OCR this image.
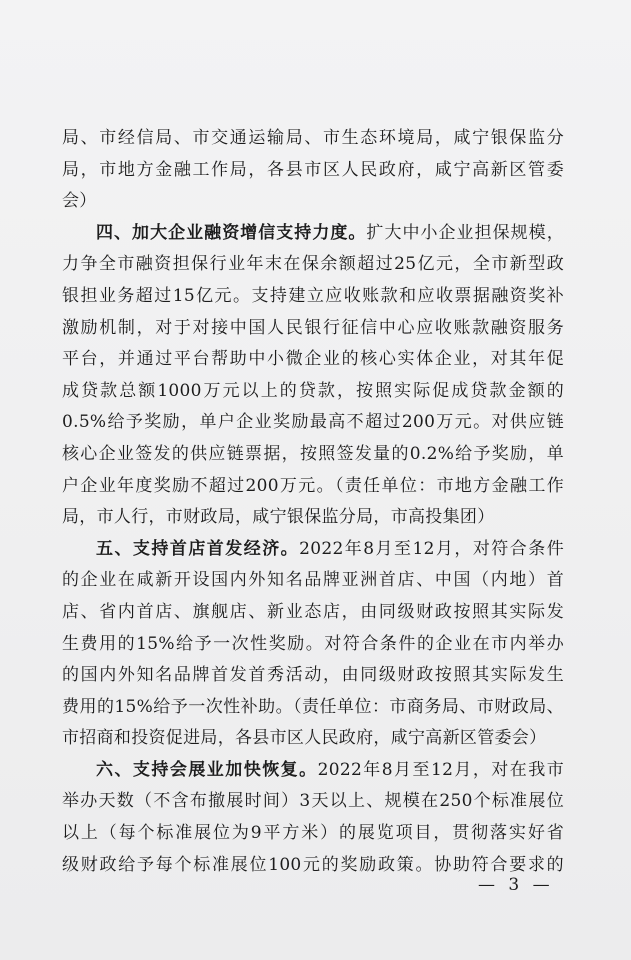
局、市经信局、市交通运输局、市生态环境局，咸宁银保监分
局，市地方金融工作局，各县市区人民政府，咸宁高新区管委
会）
四、加大企业融资增信支持力度。扩大中小企业担保规模，
力争全市融资担保行业年末在保余额超过25亿元，全市新型政
银担业务超过15亿元。支持建立应收账款和应收票据融资奖补
激励机制，对于对接中国人民银行征信中心应收账款融资服务
平台，并通过平台帮助中小微企业的核心实体企业，对其年促
成贷款总额1000万元以上的贷款，按照实际促成贷款金额的
0.5%给予奖励，单户企业奖励最高不超过200万元。对供应链
核心企业签发的供应链票据，按照签发量的0.2%给予奖励，单
户企业年度奖励不超过200万元。（责任单位：市地方金融工作
局，市人行，市财政局，咸宁银保监分局，市高投集团）
五、支持首店首发经济。2022年8月至12月，对符合条件
的企业在咸新开设国内外知名品牌亚洲首店、中国（内地）首
店、省内首店、旗舰店、新业态店，由同级财政按照其实际发
生费用的15%给予一次性奖励。对符合条件的企业在市内举办
的国内外知名品牌首发首秀活动，由同级财政按照其实际发生
费用的15%给予一次性补助。（责任单位：市商务局、市财政局、
市招商和投资促进局，各县市区人民政府，咸宁高新区管委会）
六、支持会展业加快恢复。2022年8月至12月，对在我市
举办天数（不含布撤展时间）3天以上、规模在250个标准展位
以上（每个标准展位为9平方米）的展览项目，贯彻落实好省
级财政给予每个标准展位100元的奖励政策。协助符合要求的
— 3 —
